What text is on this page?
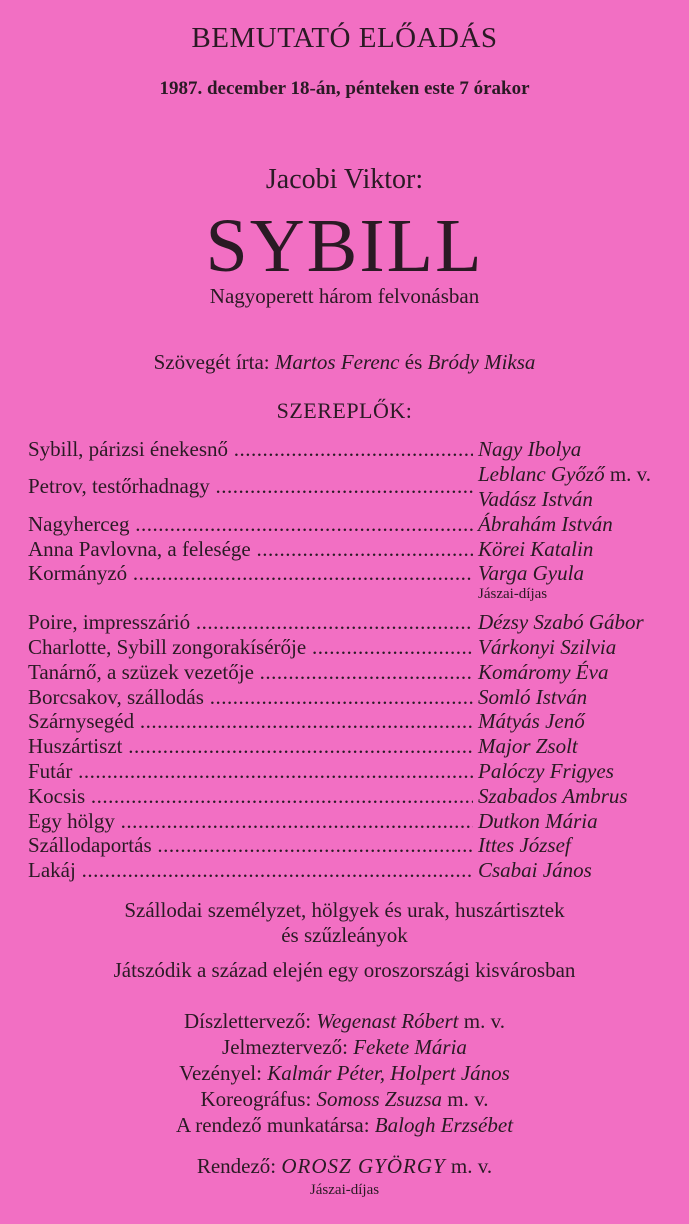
BEMUTATÓ ELŐADÁS
1987. december 18-án, pénteken este 7 órakor
Jacobi Viktor:
SYBILL
Nagyoperett három felvonásban
Szövegét írta: Martos Ferenc és Bródy Miksa
SZEREPLŐK:
Sybill, párizsi énekesnő .....	Nagy Ibolya
Petrov, testőrhadnagy .....	Leblanc Győző m. v.
Vadász István
Nagyherceg .....	Ábrahám István
Anna Pavlovna, a felesége .....	Körei Katalin
Kormányzó .....	Varga Gyula
Jászai-díjas
Poire, impresszárió .....	Dézsy Szabó Gábor
Charlotte, Sybill zongorakísérője .....	Várkonyi Szilvia
Tanárnő, a szüzek vezetője .....	Komáromy Éva
Borcsakov, szállodás .....	Somló István
Szárnysegéd .....	Mátyás Jenő
Huszártiszt .....	Major Zsolt
Futár .....	Palóczy Frigyes
Kocsis .....	Szabados Ambrus
Egy hölgy .....	Dutkon Mária
Szállodaportás .....	Ittes József
Lakáj .....	Csabai János
Szállodai személyzet, hölgyek és urak, huszártisztek
és szűzleányok
Játszódik a század elején egy oroszországi kisvárosban
Díszlettervező: Wegenast Róbert m. v.
Jelmeztervező: Fekete Mária
Vezényel: Kalmár Péter, Holpert János
Koreográfus: Somoss Zsuzsa m. v.
A rendező munkatársa: Balogh Erzsébet
Rendező: OROSZ GYÖRGY m. v.
Jászai-díjas
